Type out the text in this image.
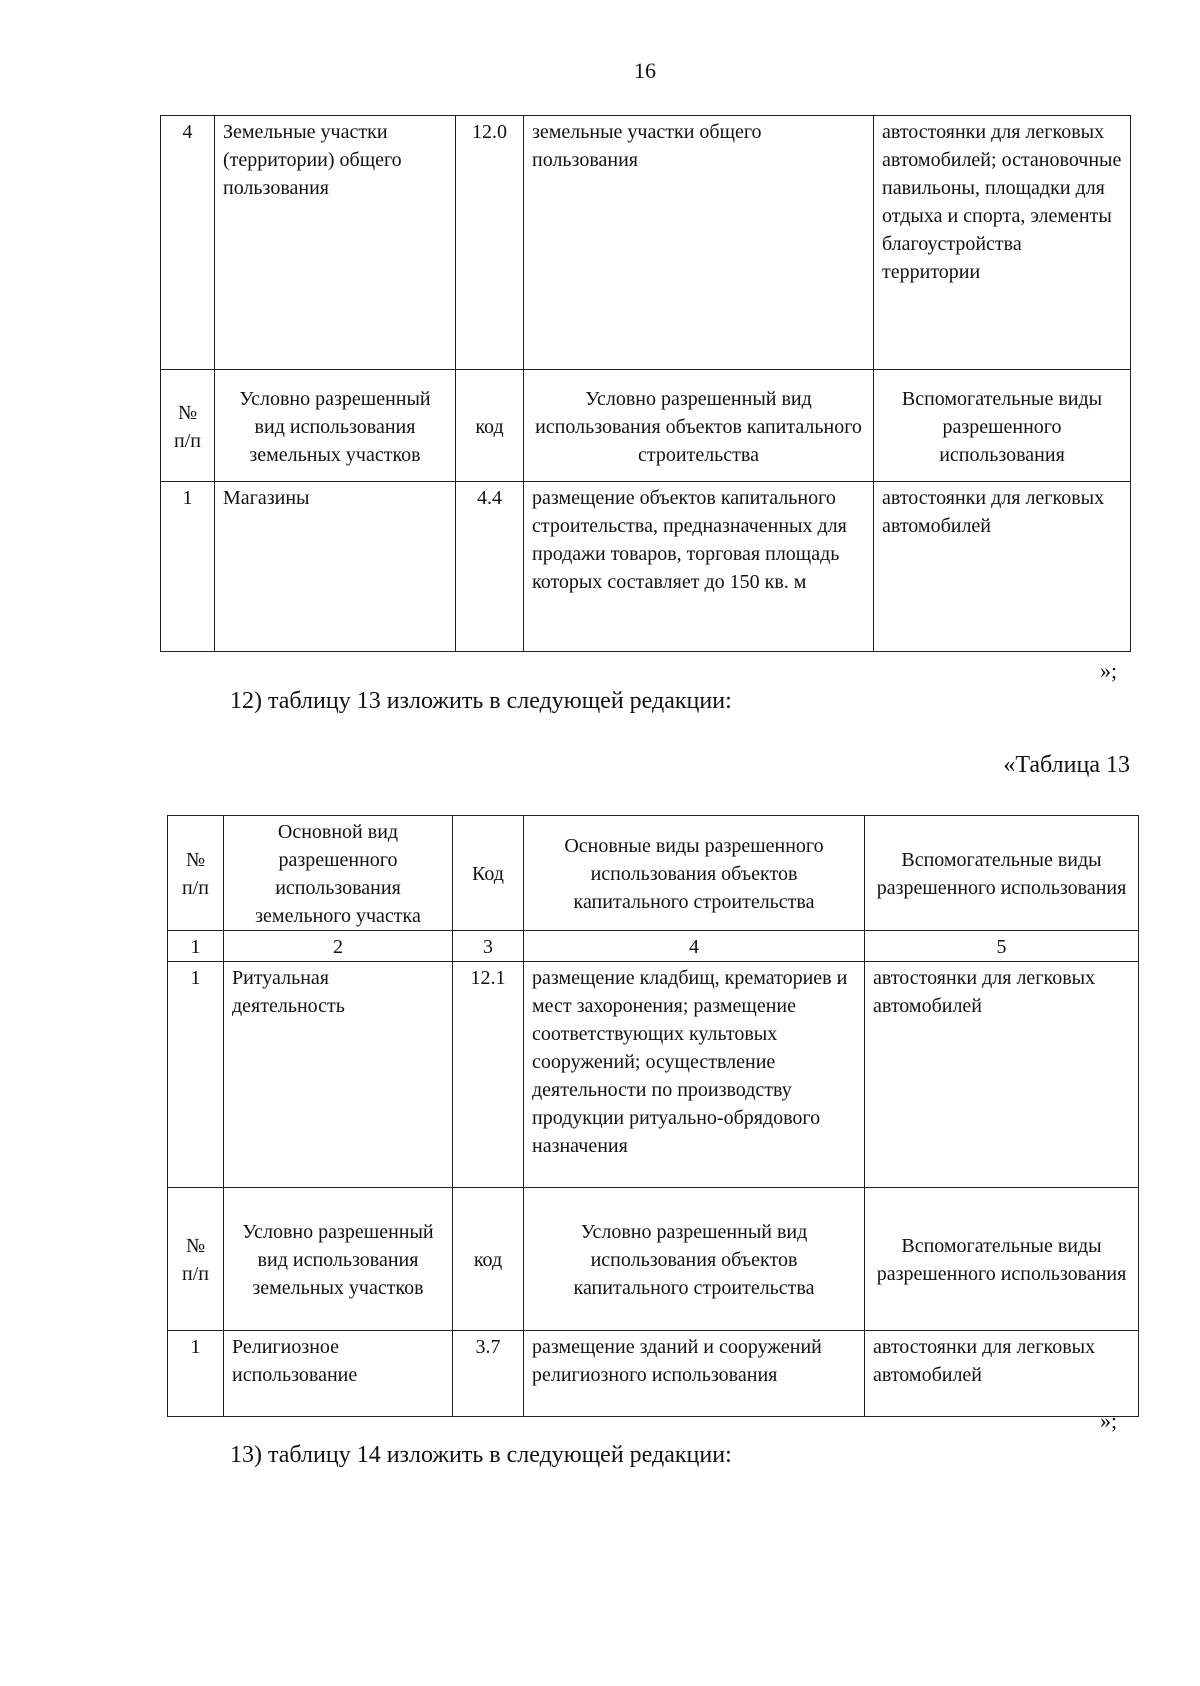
16
4	Земельные участки (территории) общего пользования	12.0	земельные участки общего пользования	автостоянки для легковых автомобилей; остановочные павильоны, площадки для отдыха и спорта, элементы благоустройства территории
№ п/п	Условно разрешенный вид использования земельных участков	код	Условно разрешенный вид использования объектов капитального строительства	Вспомогательные виды разрешенного использования
1	Магазины	4.4	размещение объектов капитального строительства, предназначенных для продажи товаров, торговая площадь которых составляет до 150 кв. м	автостоянки для легковых автомобилей
»;
12) таблицу 13 изложить в следующей редакции:
«Таблица 13
№ п/п	Основной вид разрешенного использования земельного участка	Код	Основные виды разрешенного использования объектов капитального строительства	Вспомогательные виды разрешенного использования
1	2	3	4	5
1	Ритуальная деятельность	12.1	размещение кладбищ, крематориев и мест захоронения; размещение соответствующих культовых сооружений; осуществление деятельности по производству продукции ритуально-обрядового назначения	автостоянки для легковых автомобилей
№ п/п	Условно разрешенный вид использования земельных участков	код	Условно разрешенный вид использования объектов капитального строительства	Вспомогательные виды разрешенного использования
1	Религиозное использование	3.7	размещение зданий и сооружений религиозного использования	автостоянки для легковых автомобилей
»;
13) таблицу 14 изложить в следующей редакции:
